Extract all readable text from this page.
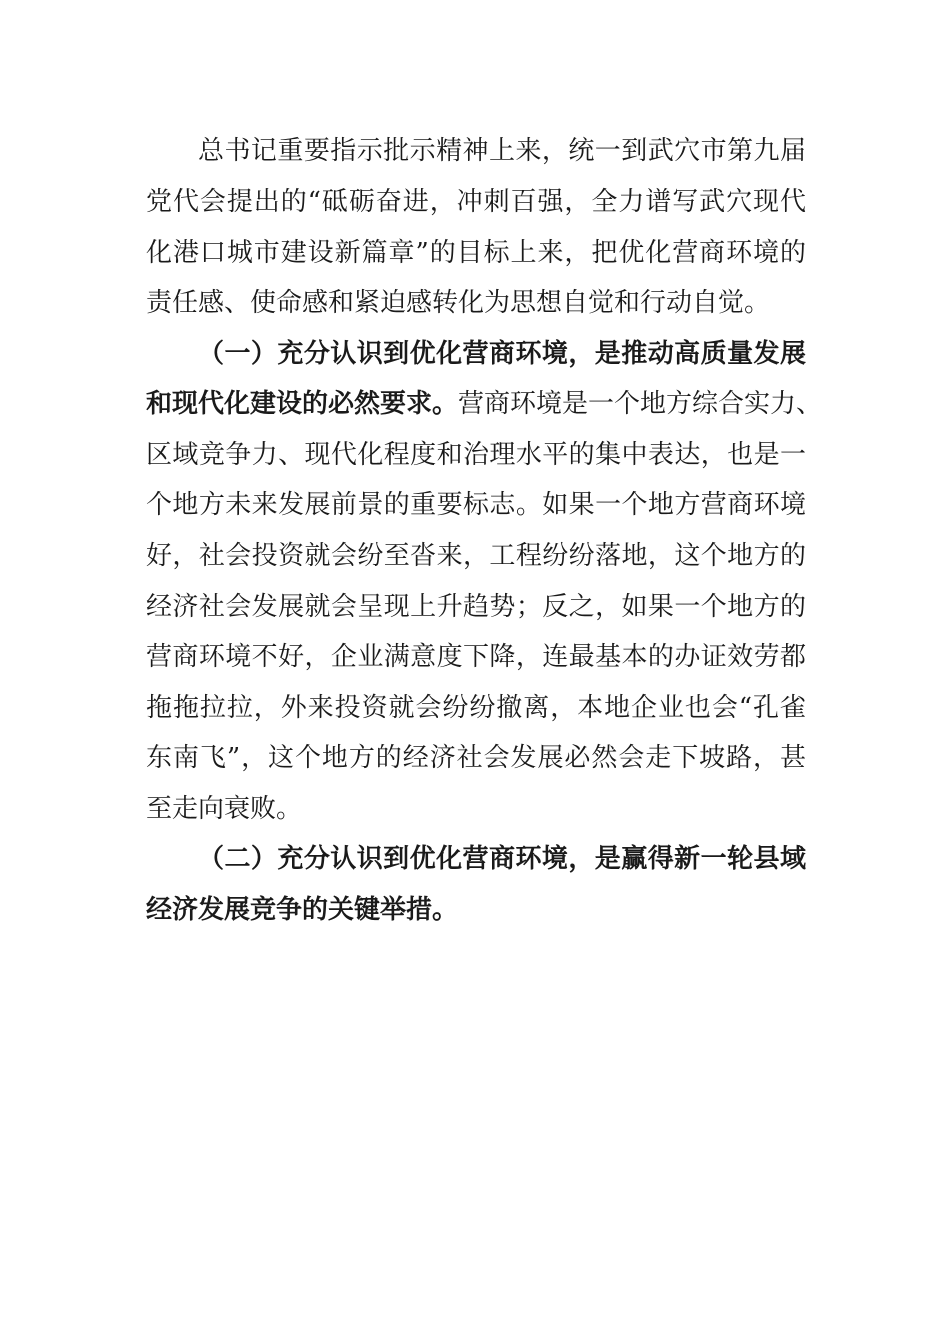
总书记重要指示批示精神上来，统一到武穴市第九届
党代会提出的“砥砺奋进，冲刺百强，全力谱写武穴现代
化港口城市建设新篇章”的目标上来，把优化营商环境的
责任感、使命感和紧迫感转化为思想自觉和行动自觉。
（一）充分认识到优化营商环境，是推动高质量发展
和现代化建设的必然要求。营商环境是一个地方综合实力、
区域竞争力、现代化程度和治理水平的集中表达，也是一
个地方未来发展前景的重要标志。如果一个地方营商环境
好，社会投资就会纷至沓来，工程纷纷落地，这个地方的
经济社会发展就会呈现上升趋势；反之，如果一个地方的
营商环境不好，企业满意度下降，连最基本的办证效劳都
拖拖拉拉，外来投资就会纷纷撤离，本地企业也会“孔雀
东南飞”，这个地方的经济社会发展必然会走下坡路，甚
至走向衰败。
（二）充分认识到优化营商环境，是赢得新一轮县域
经济发展竞争的关键举措。
